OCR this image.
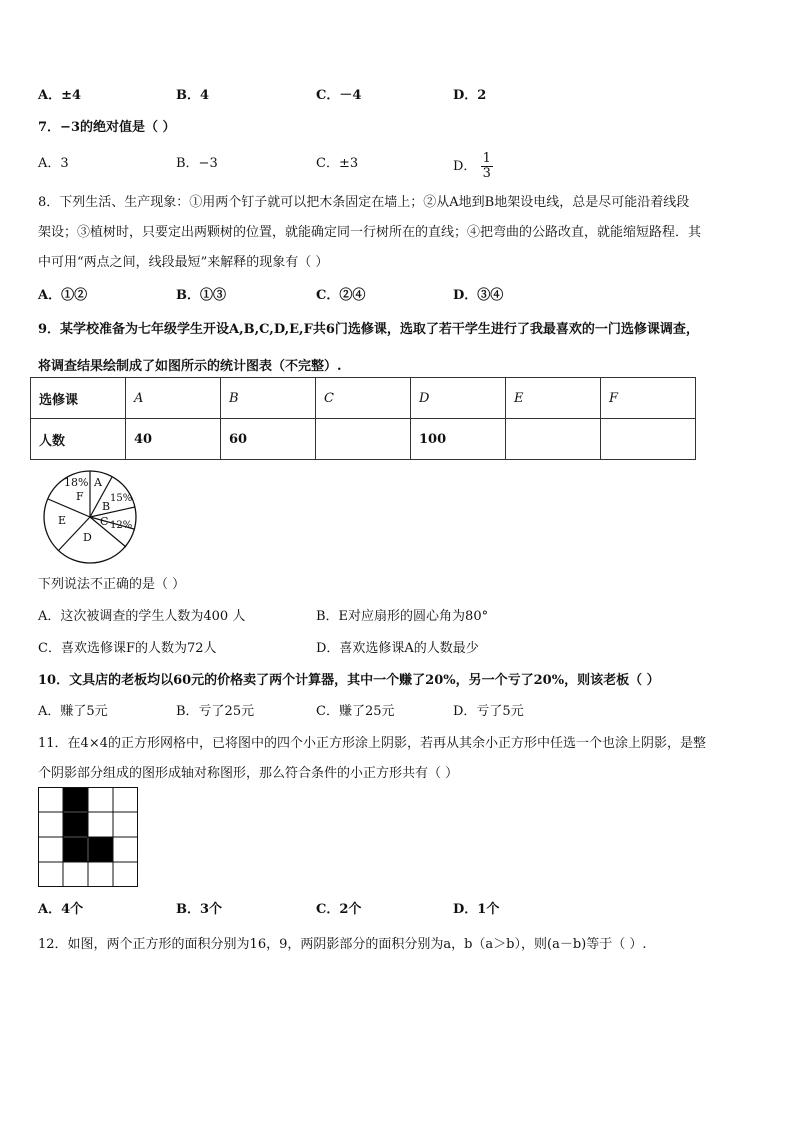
A．±4	B．4	C．－4	D．2
7．−3的绝对值是（ ）
A．3	B．−3	C．±3	D． $\frac{1}{3}$
8．下列生活、生产现象：①用两个钉子就可以把木条固定在墙上；②从A地到B地架设电线，总是尽可能沿着线段
架设；③植树时，只要定出两颗树的位置，就能确定同一行树所在的直线；④把弯曲的公路改直，就能缩短路程．其
中可用“两点之间，线段最短”来解释的现象有（ ）
A．①②	B．①③	C．②④	D．③④
9．某学校准备为七年级学生开设A,B,C,D,E,F共6门选修课，选取了若干学生进行了我最喜欢的一门选修课调查，
将调查结果绘制成了如图所示的统计图表（不完整）.
选修课	A	B	C	D	E	F
人数	40	60		100		
18%
F
A
B
15%
C 12%
E
D
下列说法不正确的是（ ）
A．这次被调查的学生人数为400 人	B．E对应扇形的圆心角为80°
C．喜欢选修课F的人数为72人	D．喜欢选修课A的人数最少
10．文具店的老板均以60元的价格卖了两个计算器，其中一个赚了20%，另一个亏了20%，则该老板（ ）
A．赚了5元	B．亏了25元	C．赚了25元	D．亏了5元
11．在4×4的正方形网格中，已将图中的四个小正方形涂上阴影，若再从其余小正方形中任选一个也涂上阴影，是整
个阴影部分组成的图形成轴对称图形，那么符合条件的小正方形共有（ ）
A．4个	B．3个	C．2个	D．1个
12．如图，两个正方形的面积分别为16，9，两阴影部分的面积分别为a，b（a＞b），则(a－b)等于（ ）.
